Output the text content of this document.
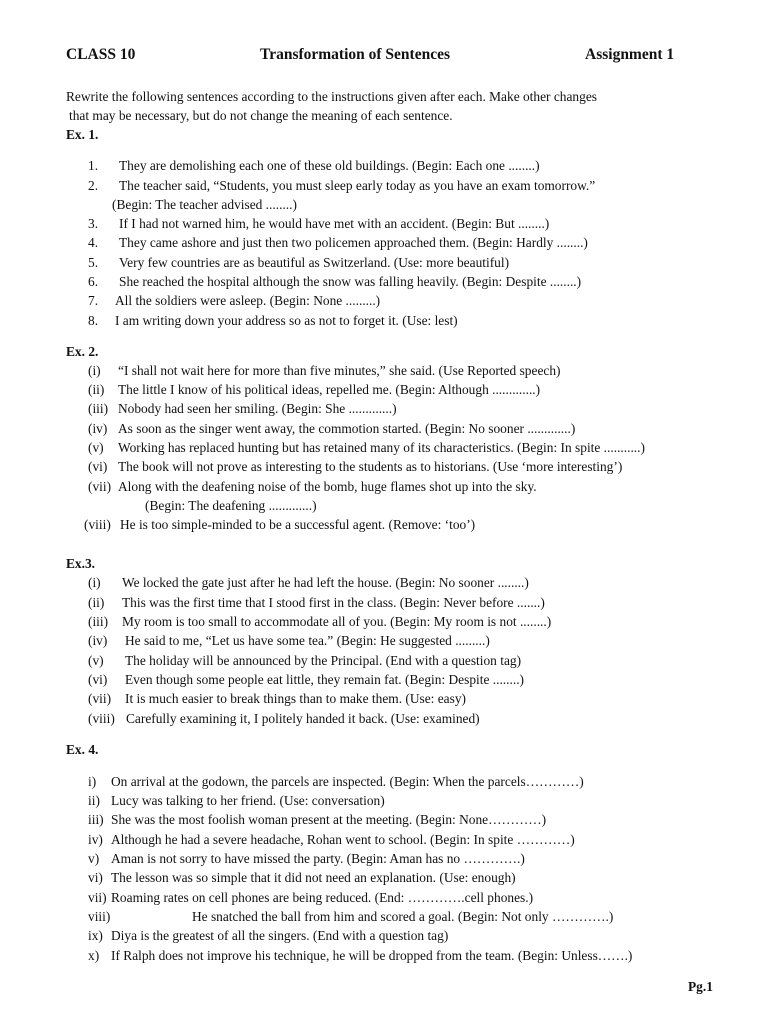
CLASS 10	Transformation of Sentences	Assignment 1
Rewrite the following sentences according to the instructions given after each. Make other changes
that may be necessary, but do not change the meaning of each sentence.
Ex. 1.
1. They are demolishing each one of these old buildings. (Begin: Each one ........)
2. The teacher said, “Students, you must sleep early today as you have an exam tomorrow.”
(Begin: The teacher advised ........)
3. If I had not warned him, he would have met with an accident. (Begin: But ........)
4. They came ashore and just then two policemen approached them. (Begin: Hardly ........)
5. Very few countries are as beautiful as Switzerland. (Use: more beautiful)
6. She reached the hospital although the snow was falling heavily. (Begin: Despite ........)
7. All the soldiers were asleep. (Begin: None .........)
8. I am writing down your address so as not to forget it. (Use: lest)
Ex. 2.
(i) “I shall not wait here for more than five minutes,” she said. (Use Reported speech)
(ii) The little I know of his political ideas, repelled me. (Begin: Although .............)
(iii) Nobody had seen her smiling. (Begin: She .............)
(iv) As soon as the singer went away, the commotion started. (Begin: No sooner .............)
(v) Working has replaced hunting but has retained many of its characteristics. (Begin: In spite ...........)
(vi) The book will not prove as interesting to the students as to historians. (Use ‘more interesting’)
(vii) Along with the deafening noise of the bomb, huge flames shot up into the sky.
(Begin: The deafening .............)
(viii) He is too simple-minded to be a successful agent. (Remove: ‘too’)
Ex.3.
(i) We locked the gate just after he had left the house. (Begin: No sooner ........)
(ii) This was the first time that I stood first in the class. (Begin: Never before .......)
(iii) My room is too small to accommodate all of you. (Begin: My room is not ........)
(iv) He said to me, “Let us have some tea.” (Begin: He suggested .........)
(v) The holiday will be announced by the Principal. (End with a question tag)
(vi) Even though some people eat little, they remain fat. (Begin: Despite ........)
(vii) It is much easier to break things than to make them. (Use: easy)
(viii) Carefully examining it, I politely handed it back. (Use: examined)
Ex. 4.
i) On arrival at the godown, the parcels are inspected. (Begin: When the parcels…………)
ii) Lucy was talking to her friend. (Use: conversation)
iii) She was the most foolish woman present at the meeting. (Begin: None…………)
iv) Although he had a severe headache, Rohan went to school. (Begin: In spite …………)
v) Aman is not sorry to have missed the party. (Begin: Aman has no ………….)
vi) The lesson was so simple that it did not need an explanation. (Use: enough)
vii) Roaming rates on cell phones are being reduced. (End: ………….cell phones.)
viii)	He snatched the ball from him and scored a goal. (Begin: Not only ………….)
ix) Diya is the greatest of all the singers. (End with a question tag)
x) If Ralph does not improve his technique, he will be dropped from the team. (Begin: Unless…….)
Pg.1
